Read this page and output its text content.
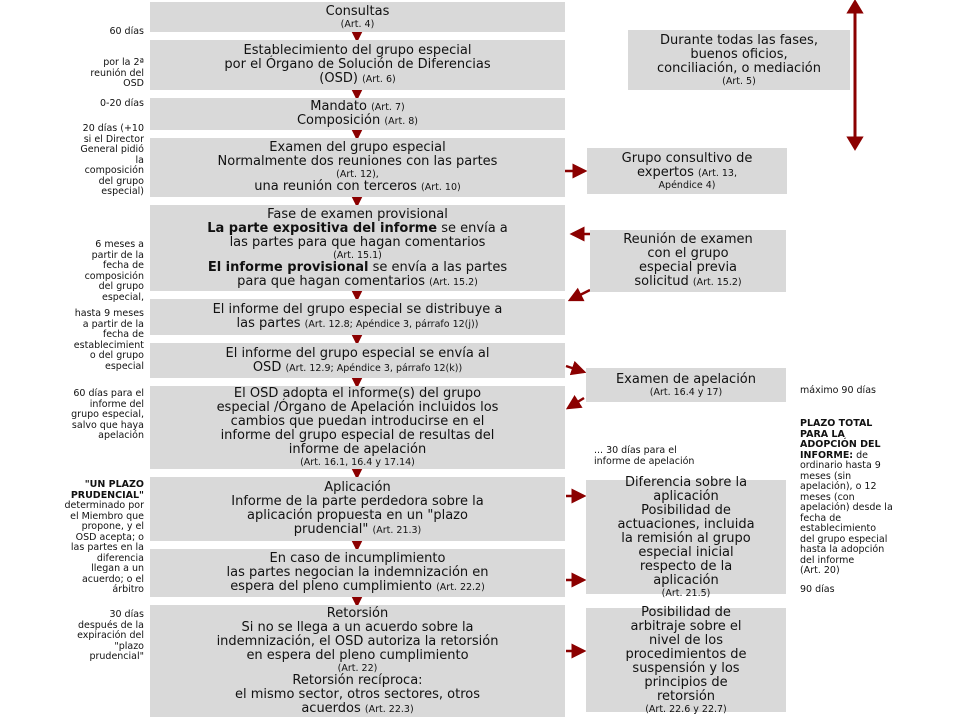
Consultas
(Art. 4)
Establecimiento del grupo especial
por el Órgano de Solución de Diferencias
(OSD) (Art. 6)
Mandato (Art. 7)
Composición (Art. 8)
Examen del grupo especial
Normalmente dos reuniones con las partes
(Art. 12),
una reunión con terceros (Art. 10)
Fase de examen provisional
La parte expositiva del informe se envía a
las partes para que hagan comentarios
(Art. 15.1)
El informe provisional se envía a las partes
para que hagan comentarios (Art. 15.2)
El informe del grupo especial se distribuye a
las partes (Art. 12.8; Apéndice 3, párrafo 12(j))
El informe del grupo especial se envía al
OSD (Art. 12.9; Apéndice 3, párrafo 12(k))
El OSD adopta el informe(s) del grupo
especial /Órgano de Apelación incluidos los
cambios que puedan introducirse en el
informe del grupo especial de resultas del
informe de apelación
(Art. 16.1, 16.4 y 17.14)
Aplicación
Informe de la parte perdedora sobre la
aplicación propuesta en un "plazo
prudencial" (Art. 21.3)
En caso de incumplimiento
las partes negocian la indemnización en
espera del pleno cumplimiento (Art. 22.2)
Retorsión
Si no se llega a un acuerdo sobre la
indemnización, el OSD autoriza la retorsión
en espera del pleno cumplimiento
(Art. 22)
Retorsión recíproca:
el mismo sector, otros sectores, otros
acuerdos (Art. 22.3)
Durante todas las fases,
buenos oficios,
conciliación, o mediación
(Art. 5)
Grupo consultivo de
expertos (Art. 13,
Apéndice 4)
Reunión de examen
con el grupo
especial previa
solicitud (Art. 15.2)
Examen de apelación
(Art. 16.4 y 17)
Diferencia sobre la
aplicación
Posibilidad de
actuaciones, incluida
la remisión al grupo
especial inicial
respecto de la
aplicación
(Art. 21.5)
Posibilidad de
arbitraje sobre el
nivel de los
procedimientos de
suspensión y los
principios de
retorsión
(Art. 22.6 y 22.7)
60 días
por la 2ª
reunión del
OSD
0-20 días
20 días (+10
si el Director
General pidió
la
composición
del grupo
especial)
6 meses a
partir de la
fecha de
composición
del grupo
especial,
hasta 9 meses
a partir de la
fecha de
establecimient
o del grupo
especial
60 días para el
informe del
grupo especial,
salvo que haya
apelación
"UN PLAZO
PRUDENCIAL"
determinado por
el Miembro que
propone, y el
OSD acepta; o
las partes en la
diferencia
llegan a un
acuerdo; o el
árbitro
30 días
después de la
expiración del
"plazo
prudencial"
máximo 90 días
... 30 días para el
informe de apelación
PLAZO TOTAL
PARA LA
ADOPCIÓN DEL
INFORME: de
ordinario hasta 9
meses (sin
apelación), o 12
meses (con
apelación) desde la
fecha de
establecimiento
del grupo especial
hasta la adopción
del informe
(Art. 20)
90 días
